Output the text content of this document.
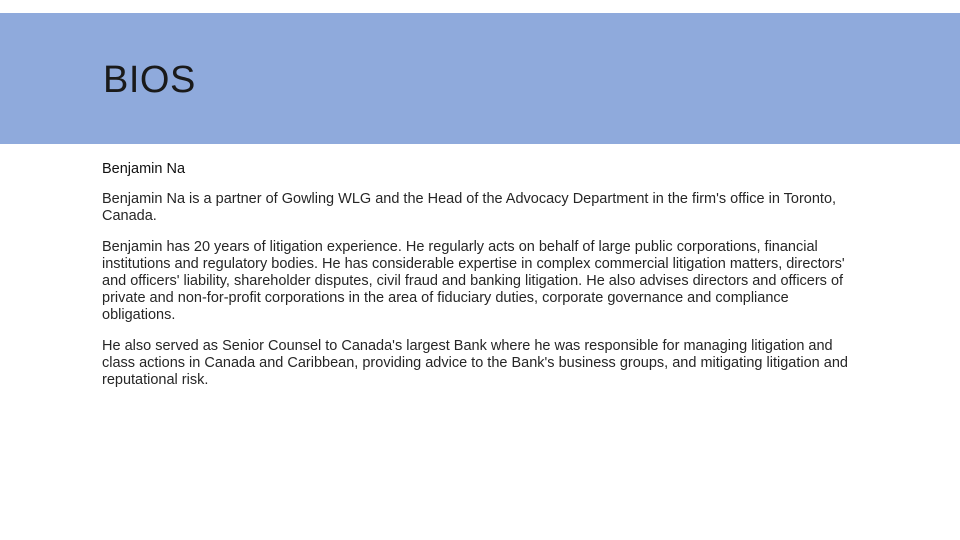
BIOS

Benjamin Na

Benjamin Na is a partner of Gowling WLG and the Head of the Advocacy Department in the firm's office in Toronto, Canada.

Benjamin has 20 years of litigation experience. He regularly acts on behalf of large public corporations, financial institutions and regulatory bodies. He has considerable expertise in complex commercial litigation matters, directors' and officers' liability, shareholder disputes, civil fraud and banking litigation. He also advises directors and officers of private and non-for-profit corporations in the area of fiduciary duties, corporate governance and compliance obligations.

He also served as Senior Counsel to Canada's largest Bank where he was responsible for managing litigation and class actions in Canada and Caribbean, providing advice to the Bank's business groups, and mitigating litigation and reputational risk.
